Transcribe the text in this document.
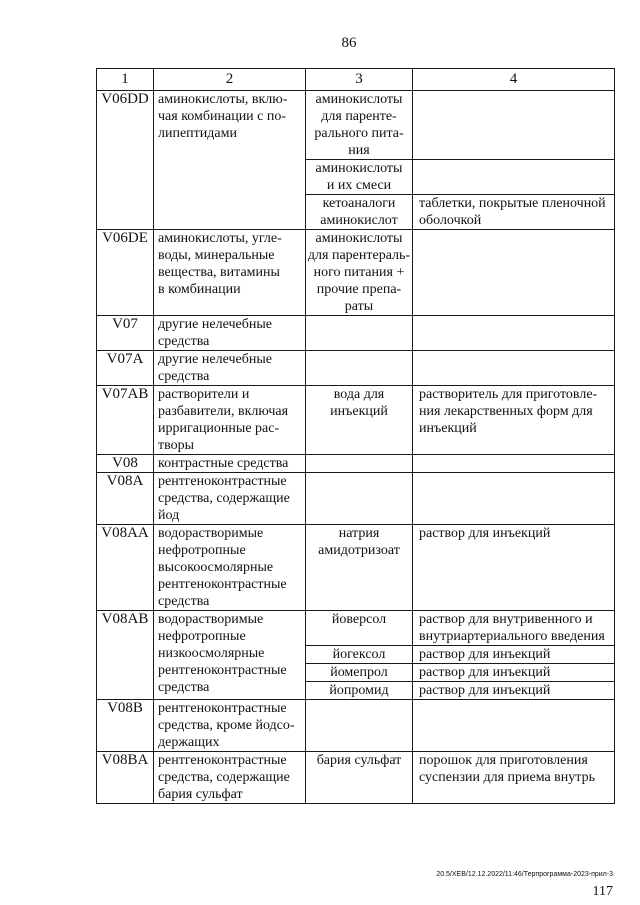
86
1	2	3	4

V06DD	аминокислоты, вклю-
чая комбинации с по-
липептидами	аминокислоты
для паренте-
рального пита-
ния	

		аминокислоты
и их смеси	

		кетоаналоги
аминокислот	таблетки, покрытые пленочной
оболочкой

V06DE	аминокислоты, угле-
воды, минеральные
вещества, витамины
в комбинации	аминокислоты
для парентераль-
ного питания +
прочие препа-
раты	

V07	другие нелечебные
средства		

V07A	другие нелечебные
средства		

V07AB	растворители и
разбавители, включая
ирригационные рас-
творы	вода для
инъекций	растворитель для приготовле-
ния лекарственных форм для
инъекций

V08	контрастные средства		

V08A	рентгеноконтрастные
средства, содержащие
йод		

V08AA	водорастворимые
нефротропные
высокоосмолярные
рентгеноконтрастные
средства	натрия
амидотризоат	раствор для инъекций

V08AB	водорастворимые
нефротропные
низкоосмолярные
рентгеноконтрастные
средства	йоверсол	раствор для внутривенного и
внутриартериального введения

		йогексол	раствор для инъекций

		йомепрол	раствор для инъекций

		йопромид	раствор для инъекций

V08B	рентгеноконтрастные
средства, кроме йодсо-
держащих		

V08BA	рентгеноконтрастные
средства, содержащие
бария сульфат	бария сульфат	порошок для приготовления
суспензии для приема внутрь
20.5/ХЕВ/12.12.2022/11:46/Терпрограмма-2023-прил-3
117
